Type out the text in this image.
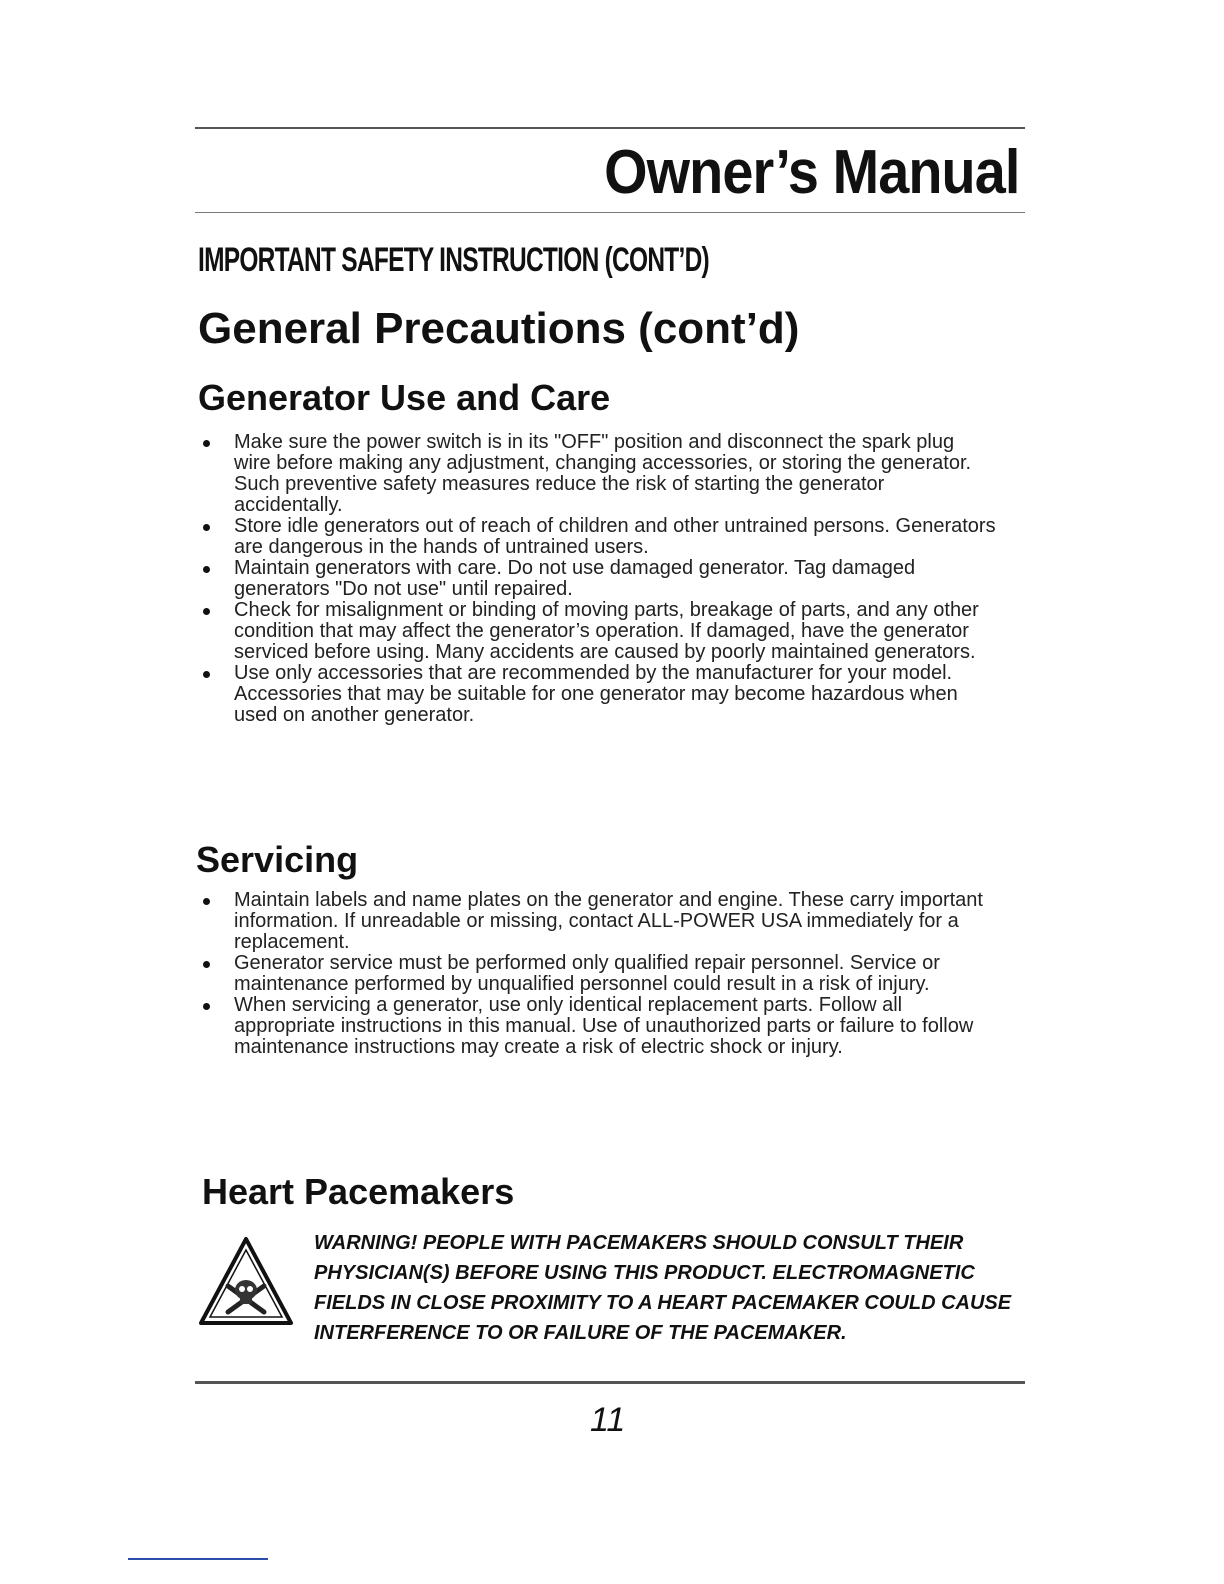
Owner’s Manual
IMPORTANT SAFETY INSTRUCTION (CONT’D)
General Precautions (cont’d)
Generator Use and Care
Make sure the power switch is in its "OFF" position and disconnect the spark plug wire before making any adjustment, changing accessories, or storing the generator. Such preventive safety measures reduce the risk of starting the generator accidentally.
Store idle generators out of reach of children and other untrained persons. Generators are dangerous in the hands of untrained users.
Maintain generators with care. Do not use damaged generator. Tag damaged generators "Do not use" until repaired.
Check for misalignment or binding of moving parts, breakage of parts, and any other condition that may affect the generator’s operation. If damaged, have the generator serviced before using. Many accidents are caused by poorly maintained generators.
Use only accessories that are recommended by the manufacturer for your model. Accessories that may be suitable for one generator may become hazardous when used on another generator.
Servicing
Maintain labels and name plates on the generator and engine. These carry important information. If unreadable or missing, contact ALL-POWER USA immediately for a replacement.
Generator service must be performed only qualified repair personnel. Service or maintenance performed by unqualified personnel could result in a risk of injury.
When servicing a generator, use only identical replacement parts. Follow all appropriate instructions in this manual. Use of unauthorized parts or failure to follow maintenance instructions may create a risk of electric shock or injury.
Heart Pacemakers

WARNING! PEOPLE WITH PACEMAKERS SHOULD CONSULT THEIR PHYSICIAN(S) BEFORE USING THIS PRODUCT. ELECTROMAGNETIC FIELDS IN CLOSE PROXIMITY TO A HEART PACEMAKER COULD CAUSE INTERFERENCE TO OR FAILURE OF THE PACEMAKER.

11
